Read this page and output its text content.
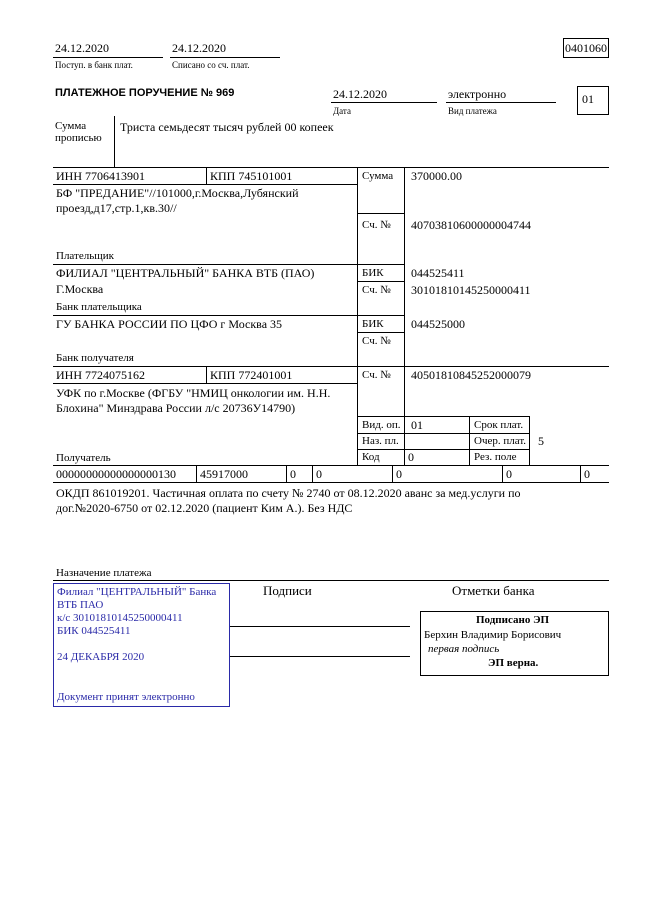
24.12.2020
Поступ. в банк плат.
24.12.2020
Списано со сч. плат.
0401060
ПЛАТЕЖНОЕ ПОРУЧЕНИЕ № 969	24.12.2020
Дата
электронно
Вид платежа
01
Сумма
прописью
Триста семьдесят тысяч рублей 00 копеек
ИНН 7706413901	КПП 745101001
БФ "ПРЕДАНИЕ"//101000,г.Москва,Лубянский
проезд,д17,стр.1,кв.30//
Плательщик
Сумма 370000.00
Сч. № 40703810600000004744
ФИЛИАЛ "ЦЕНТРАЛЬНЫЙ" БАНКА ВТБ (ПАО)
Г.Москва
Банк плательщика
БИК 044525411
Сч. № 30101810145250000411
ГУ БАНКА РОССИИ ПО ЦФО г Москва 35
Банк получателя
БИК 044525000
Сч. №
ИНН 7724075162	КПП 772401001
УФК по г.Москве (ФГБУ "НМИЦ онкологии им. Н.Н.
Блохина" Минздрава России л/с 20736У14790)
Получатель
Сч. № 40501810845252000079
Вид. оп. 01	Срок плат.
Наз. пл.	Очер. плат. 5
Код 0	Рез. поле
00000000000000000130 45917000	0 0	0	0	0
ОКДП 861019201. Частичная оплата по счету № 2740 от 08.12.2020 аванс за мед.услуги по
дог.№2020-6750 от 02.12.2020 (пациент Ким А.). Без НДС
Назначение платежа
Филиал "ЦЕНТРАЛЬНЫЙ" Банка
ВТБ ПАО
к/с 30101810145250000411
БИК 044525411
24 ДЕКАБРЯ 2020
Документ принят электронно
Подписи	Отметки банка
Подписано ЭП
Берхин Владимир Борисович
первая подпись
ЭП верна.
